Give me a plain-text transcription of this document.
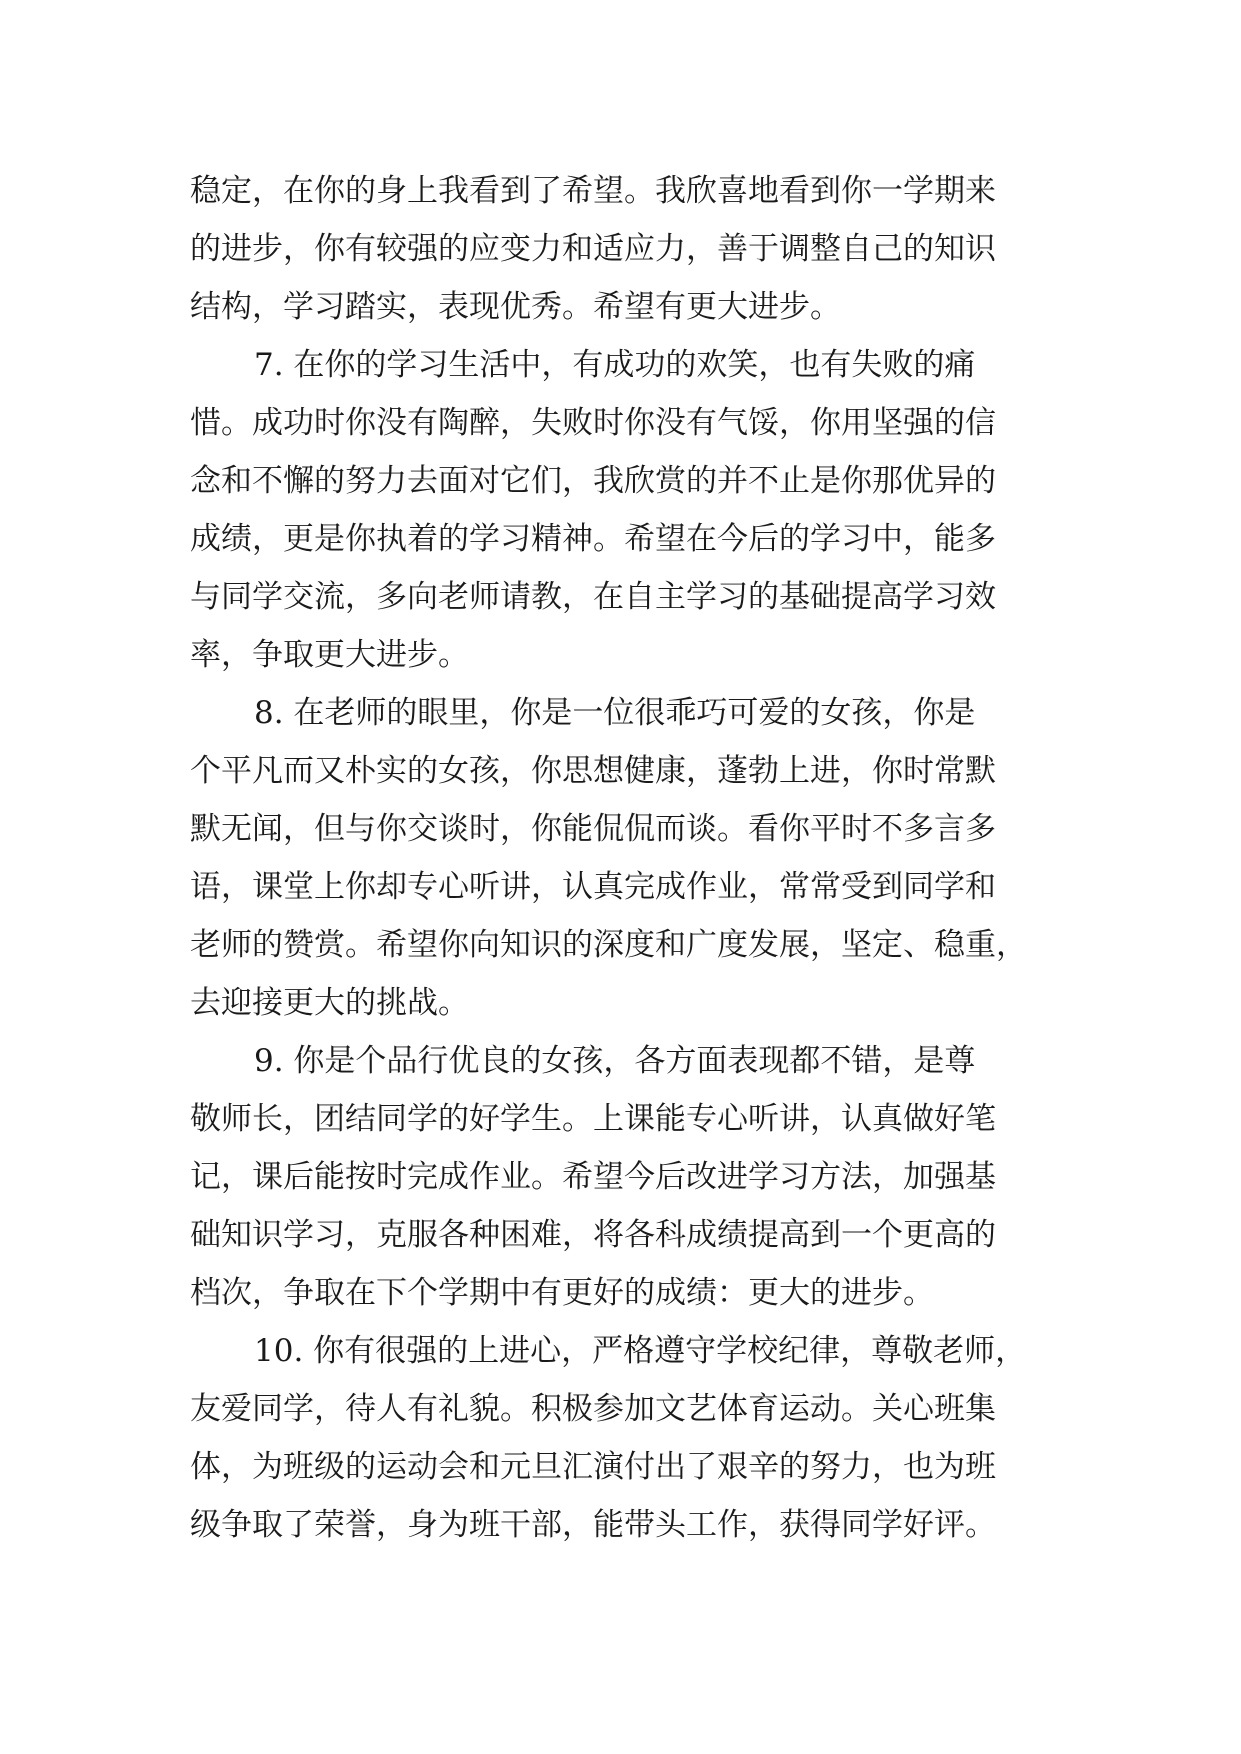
稳定，在你的身上我看到了希望。我欣喜地看到你一学期来
的进步，你有较强的应变力和适应力，善于调整自己的知识
结构，学习踏实，表现优秀。希望有更大进步。
7. 在你的学习生活中，有成功的欢笑，也有失败的痛
惜。成功时你没有陶醉，失败时你没有气馁，你用坚强的信
念和不懈的努力去面对它们，我欣赏的并不止是你那优异的
成绩，更是你执着的学习精神。希望在今后的学习中，能多
与同学交流，多向老师请教，在自主学习的基础提高学习效
率，争取更大进步。
8. 在老师的眼里，你是一位很乖巧可爱的女孩，你是
个平凡而又朴实的女孩，你思想健康，蓬勃上进，你时常默
默无闻，但与你交谈时，你能侃侃而谈。看你平时不多言多
语，课堂上你却专心听讲，认真完成作业，常常受到同学和
老师的赞赏。希望你向知识的深度和广度发展，坚定、稳重，
去迎接更大的挑战。
9. 你是个品行优良的女孩，各方面表现都不错，是尊
敬师长，团结同学的好学生。上课能专心听讲，认真做好笔
记，课后能按时完成作业。希望今后改进学习方法，加强基
础知识学习，克服各种困难，将各科成绩提高到一个更高的
档次，争取在下个学期中有更好的成绩：更大的进步。
10. 你有很强的上进心，严格遵守学校纪律，尊敬老师，
友爱同学，待人有礼貌。积极参加文艺体育运动。关心班集
体，为班级的运动会和元旦汇演付出了艰辛的努力，也为班
级争取了荣誉，身为班干部，能带头工作，获得同学好评。
